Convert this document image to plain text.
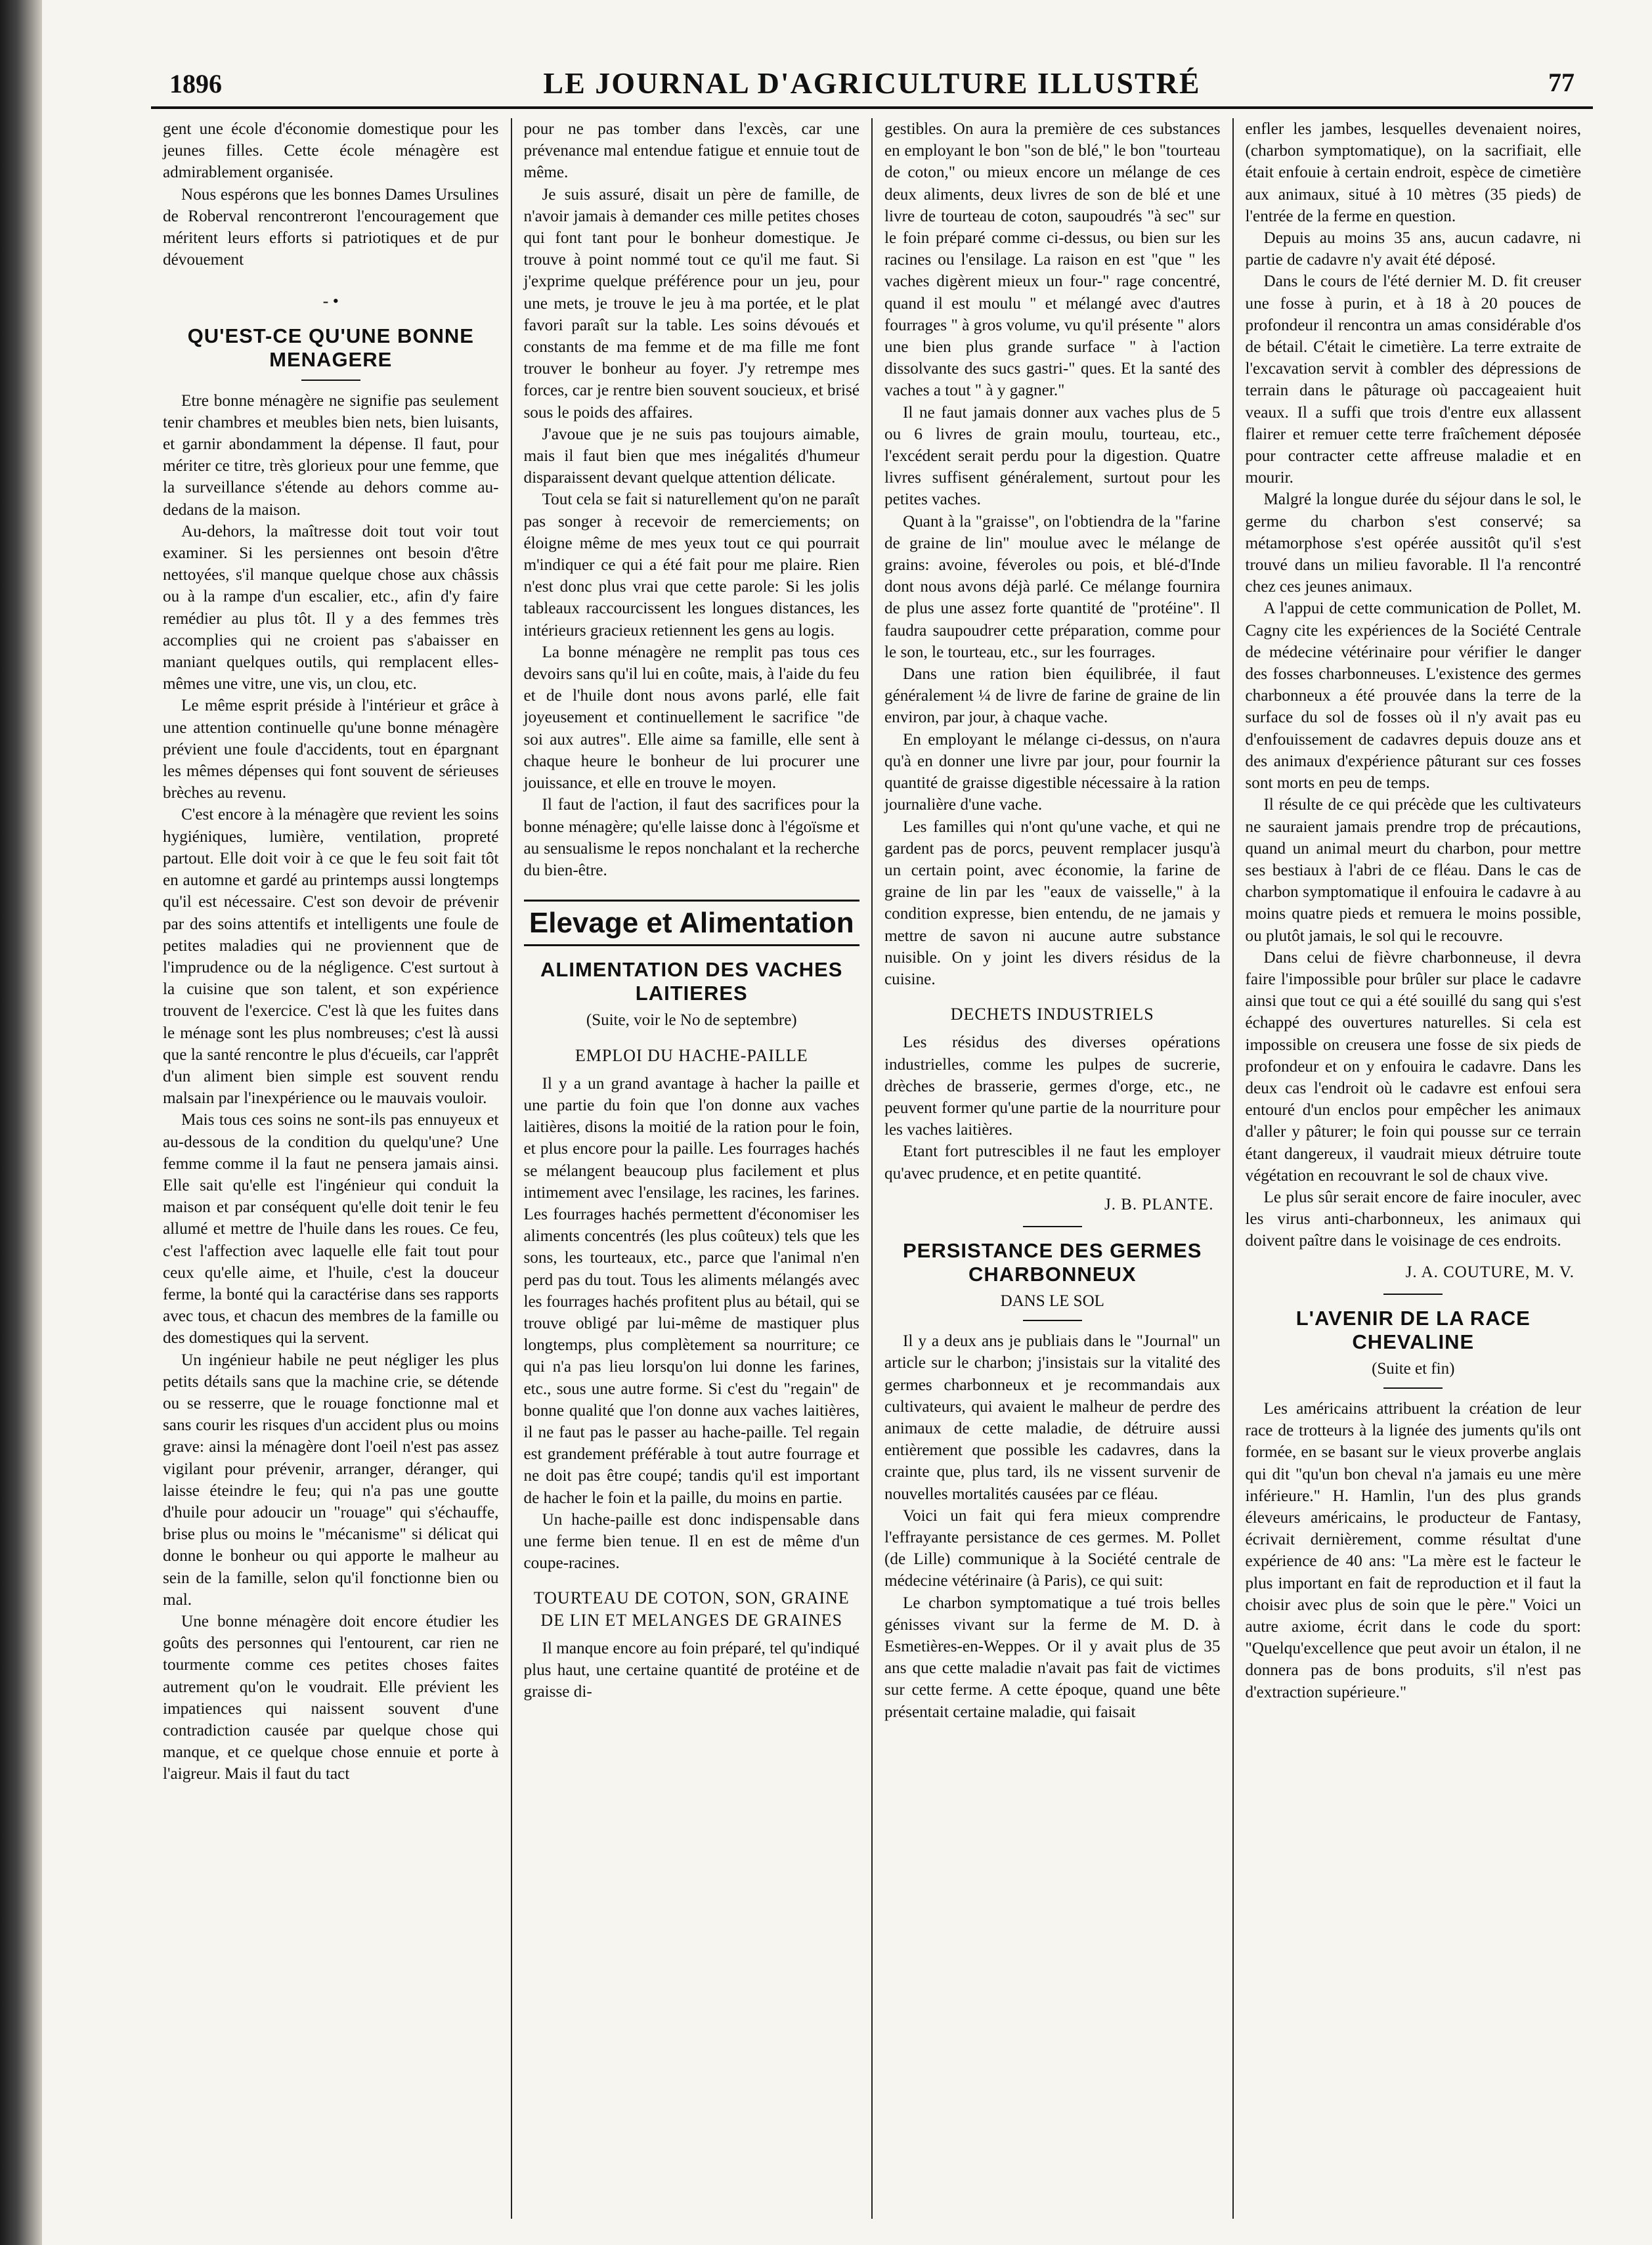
1896	LE JOURNAL D'AGRICULTURE ILLUSTRÉ	77

gent une école d'économie domestique pour les jeunes filles. Cette école ménagère est admirablement organisée.

Nous espérons que les bonnes Dames Ursulines de Roberval rencontreront l'encouragement que méritent leurs efforts si patriotiques et de pur dévouement

- •
QU'EST-CE QU'UNE BONNE MENAGERE

Etre bonne ménagère ne signifie pas seulement tenir chambres et meubles bien nets, bien luisants, et garnir abondamment la dépense. Il faut, pour mériter ce titre, très glorieux pour une femme, que la surveillance s'étende au dehors comme au-dedans de la maison.

Au-dehors, la maîtresse doit tout voir tout examiner. Si les persiennes ont besoin d'être nettoyées, s'il manque quelque chose aux châssis ou à la rampe d'un escalier, etc., afin d'y faire remédier au plus tôt. Il y a des femmes très accomplies qui ne croient pas s'abaisser en maniant quelques outils, qui remplacent elles-mêmes une vitre, une vis, un clou, etc.

Le même esprit préside à l'intérieur et grâce à une attention continuelle qu'une bonne ménagère prévient une foule d'accidents, tout en épargnant les mêmes dépenses qui font souvent de sérieuses brèches au revenu.

C'est encore à la ménagère que revient les soins hygiéniques, lumière, ventilation, propreté partout. Elle doit voir à ce que le feu soit fait tôt en automne et gardé au printemps aussi longtemps qu'il est nécessaire. C'est son devoir de prévenir par des soins attentifs et intelligents une foule de petites maladies qui ne proviennent que de l'imprudence ou de la négligence. C'est surtout à la cuisine que son talent, et son expérience trouvent de l'exercice. C'est là que les fuites dans le ménage sont les plus nombreuses; c'est là aussi que la santé rencontre le plus d'écueils, car l'apprêt d'un aliment bien simple est souvent rendu malsain par l'inexpérience ou le mauvais vouloir.

Mais tous ces soins ne sont-ils pas ennuyeux et au-dessous de la condition du quelqu'une? Une femme comme il la faut ne pensera jamais ainsi. Elle sait qu'elle est l'ingénieur qui conduit la maison et par conséquent qu'elle doit tenir le feu allumé et mettre de l'huile dans les roues. Ce feu, c'est l'affection avec laquelle elle fait tout pour ceux qu'elle aime, et l'huile, c'est la douceur ferme, la bonté qui la caractérise dans ses rapports avec tous, et chacun des membres de la famille ou des domestiques qui la servent.

Un ingénieur habile ne peut négliger les plus petits détails sans que la machine crie, se détende ou se resserre, que le rouage fonctionne mal et sans courir les risques d'un accident plus ou moins grave: ainsi la ménagère dont l'oeil n'est pas assez vigilant pour prévenir, arranger, déranger, qui laisse éteindre le feu; qui n'a pas une goutte d'huile pour adoucir un "rouage" qui s'échauffe, brise plus ou moins le "mécanisme" si délicat qui donne le bonheur ou qui apporte le malheur au sein de la famille, selon qu'il fonctionne bien ou mal.

Une bonne ménagère doit encore étudier les goûts des personnes qui l'entourent, car rien ne tourmente comme ces petites choses faites autrement qu'on le voudrait. Elle prévient les impatiences qui naissent souvent d'une contradiction causée par quelque chose qui manque, et ce quelque chose ennuie et porte à l'aigreur. Mais il faut du tact

pour ne pas tomber dans l'excès, car une prévenance mal entendue fatigue et ennuie tout de même.

Je suis assuré, disait un père de famille, de n'avoir jamais à demander ces mille petites choses qui font tant pour le bonheur domestique. Je trouve à point nommé tout ce qu'il me faut. Si j'exprime quelque préférence pour un jeu, pour une mets, je trouve le jeu à ma portée, et le plat favori paraît sur la table. Les soins dévoués et constants de ma femme et de ma fille me font trouver le bonheur au foyer. J'y retrempe mes forces, car je rentre bien souvent soucieux, et brisé sous le poids des affaires.

J'avoue que je ne suis pas toujours aimable, mais il faut bien que mes inégalités d'humeur disparaissent devant quelque attention délicate.

Tout cela se fait si naturellement qu'on ne paraît pas songer à recevoir de remerciements; on éloigne même de mes yeux tout ce qui pourrait m'indiquer ce qui a été fait pour me plaire. Rien n'est donc plus vrai que cette parole: Si les jolis tableaux raccourcissent les longues distances, les intérieurs gracieux retiennent les gens au logis.

La bonne ménagère ne remplit pas tous ces devoirs sans qu'il lui en coûte, mais, à l'aide du feu et de l'huile dont nous avons parlé, elle fait joyeusement et continuellement le sacrifice "de soi aux autres". Elle aime sa famille, elle sent à chaque heure le bonheur de lui procurer une jouissance, et elle en trouve le moyen.

Il faut de l'action, il faut des sacrifices pour la bonne ménagère; qu'elle laisse donc à l'égoïsme et au sensualisme le repos nonchalant et la recherche du bien-être.

Elevage et Alimentation
ALIMENTATION DES VACHES LAITIERES
(Suite, voir le No de septembre)
EMPLOI DU HACHE-PAILLE

Il y a un grand avantage à hacher la paille et une partie du foin que l'on donne aux vaches laitières, disons la moitié de la ration pour le foin, et plus encore pour la paille. Les fourrages hachés se mélangent beaucoup plus facilement et plus intimement avec l'ensilage, les racines, les farines. Les fourrages hachés permettent d'économiser les aliments concentrés (les plus coûteux) tels que les sons, les tourteaux, etc., parce que l'animal n'en perd pas du tout. Tous les aliments mélangés avec les fourrages hachés profitent plus au bétail, qui se trouve obligé par lui-même de mastiquer plus longtemps, plus complètement sa nourriture; ce qui n'a pas lieu lorsqu'on lui donne les farines, etc., sous une autre forme. Si c'est du "regain" de bonne qualité que l'on donne aux vaches laitières, il ne faut pas le passer au hache-paille. Tel regain est grandement préférable à tout autre fourrage et ne doit pas être coupé; tandis qu'il est important de hacher le foin et la paille, du moins en partie.

Un hache-paille est donc indispensable dans une ferme bien tenue. Il en est de même d'un coupe-racines.

TOURTEAU DE COTON, SON, GRAINE DE LIN ET MELANGES DE GRAINES

Il manque encore au foin préparé, tel qu'indiqué plus haut, une certaine quantité de protéine et de graisse di-

gestibles. On aura la première de ces substances en employant le bon "son de blé," le bon "tourteau de coton," ou mieux encore un mélange de ces deux aliments, deux livres de son de blé et une livre de tourteau de coton, saupoudrés "à sec" sur le foin préparé comme ci-dessus, ou bien sur les racines ou l'ensilage. La raison en est "que " les vaches digèrent mieux un four-" rage concentré, quand il est moulu " et mélangé avec d'autres fourrages " à gros volume, vu qu'il présente " alors une bien plus grande surface " à l'action dissolvante des sucs gastri-" ques. Et la santé des vaches a tout " à y gagner."

Il ne faut jamais donner aux vaches plus de 5 ou 6 livres de grain moulu, tourteau, etc., l'excédent serait perdu pour la digestion. Quatre livres suffisent généralement, surtout pour les petites vaches.

Quant à la "graisse", on l'obtiendra de la "farine de graine de lin" moulue avec le mélange de grains: avoine, féveroles ou pois, et blé-d'Inde dont nous avons déjà parlé. Ce mélange fournira de plus une assez forte quantité de "protéine". Il faudra saupoudrer cette préparation, comme pour le son, le tourteau, etc., sur les fourrages.

Dans une ration bien équilibrée, il faut généralement ¼ de livre de farine de graine de lin environ, par jour, à chaque vache.

En employant le mélange ci-dessus, on n'aura qu'à en donner une livre par jour, pour fournir la quantité de graisse digestible nécessaire à la ration journalière d'une vache.

Les familles qui n'ont qu'une vache, et qui ne gardent pas de porcs, peuvent remplacer jusqu'à un certain point, avec économie, la farine de graine de lin par les "eaux de vaisselle," à la condition expresse, bien entendu, de ne jamais y mettre de savon ni aucune autre substance nuisible. On y joint les divers résidus de la cuisine.

DECHETS INDUSTRIELS

Les résidus des diverses opérations industrielles, comme les pulpes de sucrerie, drèches de brasserie, germes d'orge, etc., ne peuvent former qu'une partie de la nourriture pour les vaches laitières.

Etant fort putrescibles il ne faut les employer qu'avec prudence, et en petite quantité.

J. B. PLANTE.
PERSISTANCE DES GERMES CHARBONNEUX
DANS LE SOL

Il y a deux ans je publiais dans le "Journal" un article sur le charbon; j'insistais sur la vitalité des germes charbonneux et je recommandais aux cultivateurs, qui avaient le malheur de perdre des animaux de cette maladie, de détruire aussi entièrement que possible les cadavres, dans la crainte que, plus tard, ils ne vissent survenir de nouvelles mortalités causées par ce fléau.

Voici un fait qui fera mieux comprendre l'effrayante persistance de ces germes. M. Pollet (de Lille) communique à la Société centrale de médecine vétérinaire (à Paris), ce qui suit:

Le charbon symptomatique a tué trois belles génisses vivant sur la ferme de M. D. à Esmetières-en-Weppes. Or il y avait plus de 35 ans que cette maladie n'avait pas fait de victimes sur cette ferme. A cette époque, quand une bête présentait certaine maladie, qui faisait

enfler les jambes, lesquelles devenaient noires, (charbon symptomatique), on la sacrifiait, elle était enfouie à certain endroit, espèce de cimetière aux animaux, situé à 10 mètres (35 pieds) de l'entrée de la ferme en question.

Depuis au moins 35 ans, aucun cadavre, ni partie de cadavre n'y avait été déposé.

Dans le cours de l'été dernier M. D. fit creuser une fosse à purin, et à 18 à 20 pouces de profondeur il rencontra un amas considérable d'os de bétail. C'était le cimetière. La terre extraite de l'excavation servit à combler des dépressions de terrain dans le pâturage où paccageaient huit veaux. Il a suffi que trois d'entre eux allassent flairer et remuer cette terre fraîchement déposée pour contracter cette affreuse maladie et en mourir.

Malgré la longue durée du séjour dans le sol, le germe du charbon s'est conservé; sa métamorphose s'est opérée aussitôt qu'il s'est trouvé dans un milieu favorable. Il l'a rencontré chez ces jeunes animaux.

A l'appui de cette communication de Pollet, M. Cagny cite les expériences de la Société Centrale de médecine vétérinaire pour vérifier le danger des fosses charbonneuses. L'existence des germes charbonneux a été prouvée dans la terre de la surface du sol de fosses où il n'y avait pas eu d'enfouissement de cadavres depuis douze ans et des animaux d'expérience pâturant sur ces fosses sont morts en peu de temps.

Il résulte de ce qui précède que les cultivateurs ne sauraient jamais prendre trop de précautions, quand un animal meurt du charbon, pour mettre ses bestiaux à l'abri de ce fléau. Dans le cas de charbon symptomatique il enfouira le cadavre à au moins quatre pieds et remuera le moins possible, ou plutôt jamais, le sol qui le recouvre.

Dans celui de fièvre charbonneuse, il devra faire l'impossible pour brûler sur place le cadavre ainsi que tout ce qui a été souillé du sang qui s'est échappé des ouvertures naturelles. Si cela est impossible on creusera une fosse de six pieds de profondeur et on y enfouira le cadavre. Dans les deux cas l'endroit où le cadavre est enfoui sera entouré d'un enclos pour empêcher les animaux d'aller y pâturer; le foin qui pousse sur ce terrain étant dangereux, il vaudrait mieux détruire toute végétation en recouvrant le sol de chaux vive.

Le plus sûr serait encore de faire inoculer, avec les virus anti-charbonneux, les animaux qui doivent paître dans le voisinage de ces endroits.

J. A. COUTURE, M. V.
L'AVENIR DE LA RACE CHEVALINE
(Suite et fin)

Les américains attribuent la création de leur race de trotteurs à la lignée des juments qu'ils ont formée, en se basant sur le vieux proverbe anglais qui dit "qu'un bon cheval n'a jamais eu une mère inférieure." H. Hamlin, l'un des plus grands éleveurs américains, le producteur de Fantasy, écrivait dernièrement, comme résultat d'une expérience de 40 ans: "La mère est le facteur le plus important en fait de reproduction et il faut la choisir avec plus de soin que le père." Voici un autre axiome, écrit dans le code du sport: "Quelqu'excellence que peut avoir un étalon, il ne donnera pas de bons produits, s'il n'est pas d'extraction supérieure."
